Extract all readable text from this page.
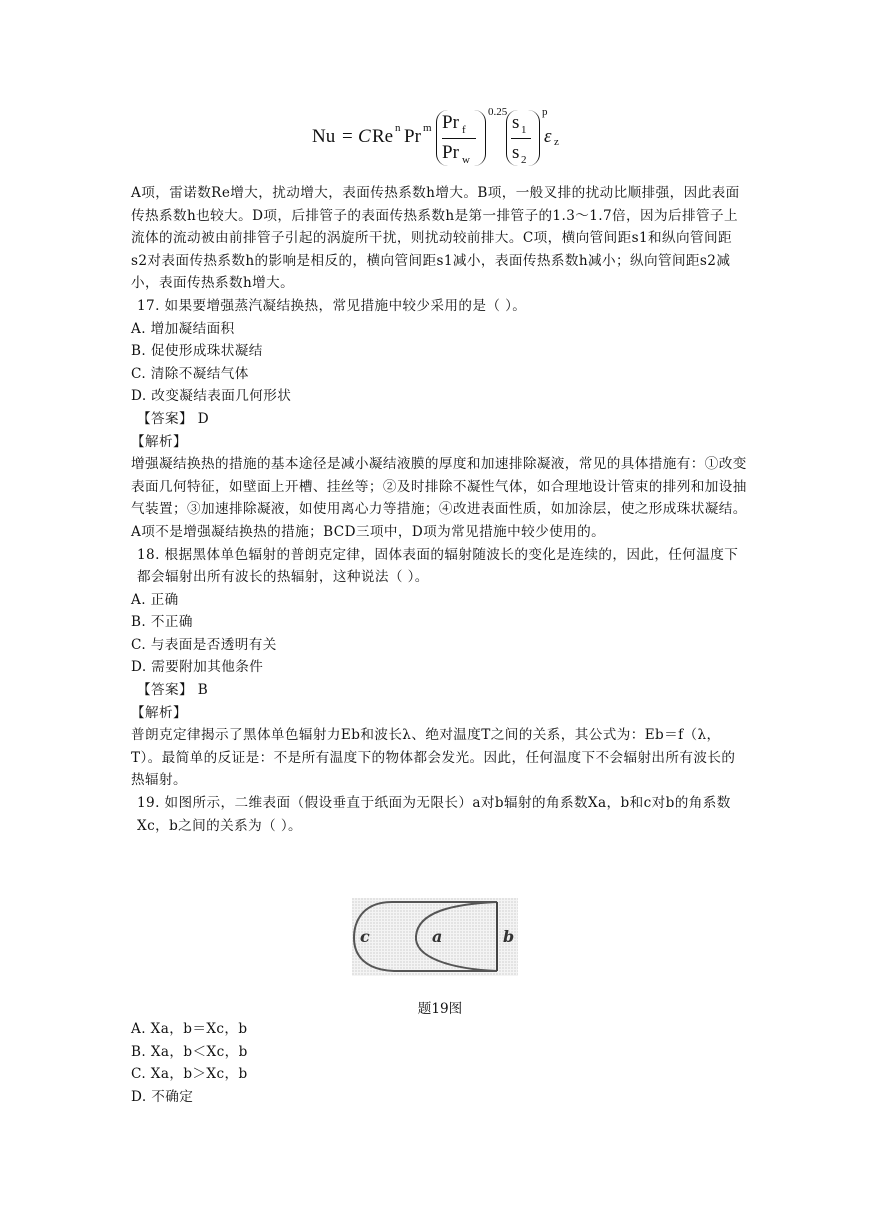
Nu = C Re n Pr m Pr f
Pr w
0.25 s 1
s 2
p
ε z

A项，雷诺数Re增大，扰动增大，表面传热系数h增大。B项，一般叉排的扰动比顺排强，因此表面传热系数h也较大。D项，后排管子的表面传热系数h是第一排管子的1.3～1.7倍，因为后排管子上流体的流动被由前排管子引起的涡旋所干扰，则扰动较前排大。C项，横向管间距s1和纵向管间距s2对表面传热系数h的影响是相反的，横向管间距s1减小，表面传热系数h减小；纵向管间距s2减小，表面传热系数h增大。

17. 如果要增强蒸汽凝结换热，常见措施中较少采用的是（ ）。

A. 增加凝结面积

B. 促使形成珠状凝结

C. 清除不凝结气体

D. 改变凝结表面几何形状

【答案】 D

【解析】

增强凝结换热的措施的基本途径是减小凝结液膜的厚度和加速排除凝液，常见的具体措施有：①改变表面几何特征，如壁面上开槽、挂丝等；②及时排除不凝性气体，如合理地设计管束的排列和加设抽气装置；③加速排除凝液，如使用离心力等措施；④改进表面性质，如加涂层，使之形成珠状凝结。A项不是增强凝结换热的措施；BCD三项中，D项为常见措施中较少使用的。

18. 根据黑体单色辐射的普朗克定律，固体表面的辐射随波长的变化是连续的，因此，任何温度下都会辐射出所有波长的热辐射，这种说法（ ）。

A. 正确

B. 不正确

C. 与表面是否透明有关

D. 需要附加其他条件

【答案】 B

【解析】

普朗克定律揭示了黑体单色辐射力Eb和波长λ、绝对温度T之间的关系，其公式为：Eb＝f（λ，T）。最简单的反证是：不是所有温度下的物体都会发光。因此，任何温度下不会辐射出所有波长的热辐射。

19. 如图所示，二维表面（假设垂直于纸面为无限长）a对b辐射的角系数Xa，b和c对b的角系数Xc，b之间的关系为（ ）。

c	a	b
题19图

A. Xa，b＝Xc，b

B. Xa，b＜Xc，b

C. Xa，b＞Xc，b

D. 不确定
